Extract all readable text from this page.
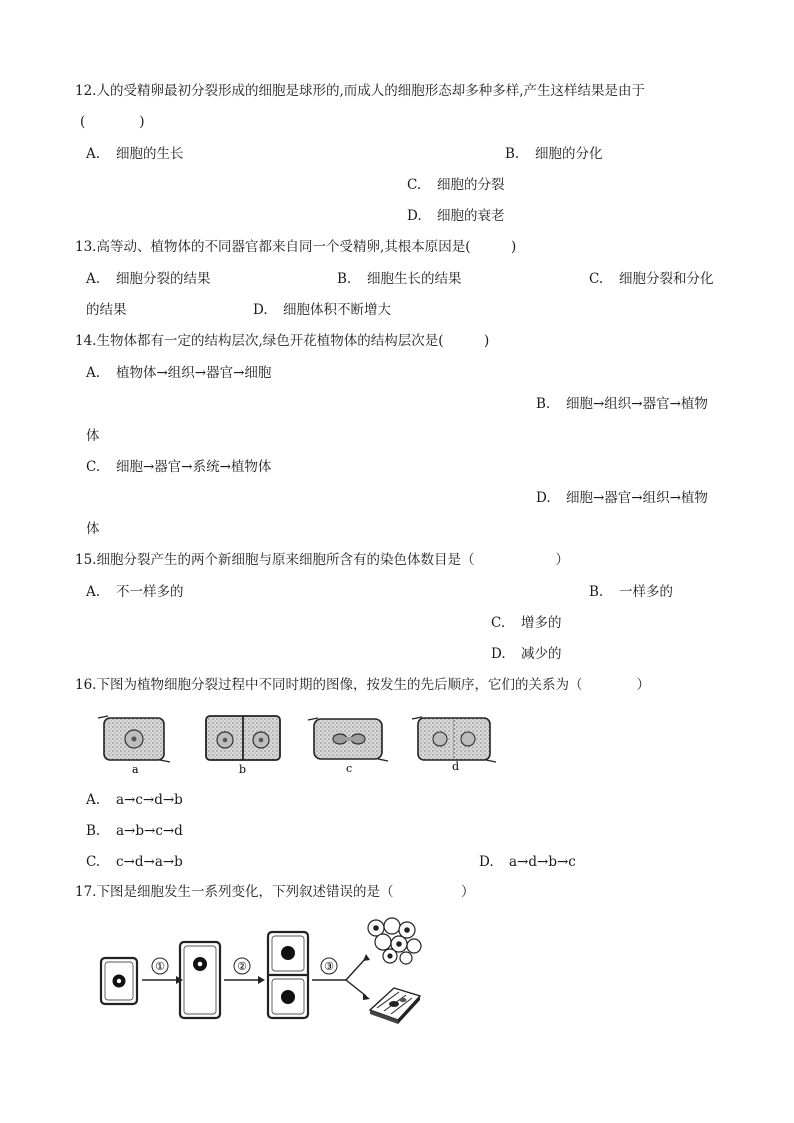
12.人的受精卵最初分裂形成的细胞是球形的,而成人的细胞形态却多种多样,产生这样结果是由于
(　　　　)
A. 细胞的生长	B. 细胞的分化
C. 细胞的分裂
D. 细胞的衰老
13.高等动、植物体的不同器官都来自同一个受精卵,其根本原因是(　　　)
A. 细胞分裂的结果	B. 细胞生长的结果	C. 细胞分裂和分化
的结果	D. 细胞体积不断增大
14.生物体都有一定的结构层次,绿色开花植物体的结构层次是(　　　)
A. 植物体→组织→器官→细胞
B. 细胞→组织→器官→植物
体
C. 细胞→器官→系统→植物体
D. 细胞→器官→组织→植物
体
15.细胞分裂产生的两个新细胞与原来细胞所含有的染色体数目是（　　　　　　）
A. 不一样多的	B. 一样多的
C. 增多的
D. 减少的
16.下图为植物细胞分裂过程中不同时期的图像，按发生的先后顺序，它们的关系为（　　　　）
a	b	c	d
A. a→c→d→b
B. a→b→c→d
C. c→d→a→b	D. a→d→b→c
17.下图是细胞发生一系列变化，下列叙述错误的是（　　　　　）
①	②	③
